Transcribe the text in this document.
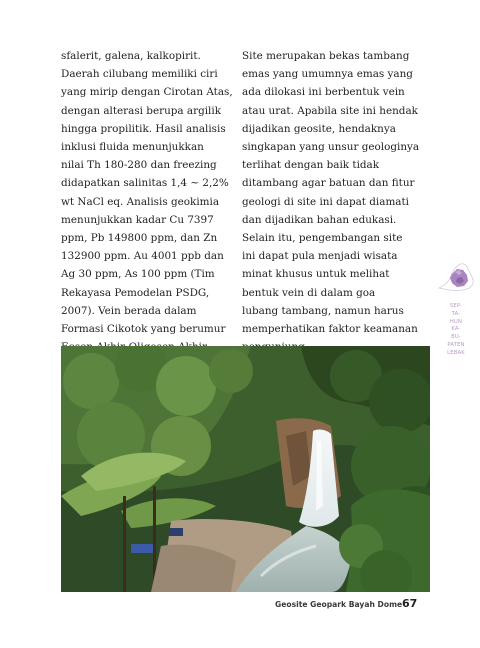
sfalerit, galena, kalkopirit.
Daerah cilubang memiliki ciri
yang mirip dengan Cirotan Atas,
dengan alterasi berupa argilik
hingga propilitik. Hasil analisis
inklusi fluida menunjukkan
nilai Th 180-280 dan freezing
didapatkan salinitas 1,4 ~ 2,2%
wt NaCl eq. Analisis geokimia
menunjukkan kadar Cu 7397
ppm, Pb 149800 ppm, dan Zn
132900 ppm. Au 4001 ppb dan
Ag 30 ppm, As 100 ppm (Tim
Rekayasa Pemodelan PSDG,
2007). Vein berada dalam
Formasi Cikotok yang berumur
Site merupakan bekas tambang
emas yang umumnya emas yang
ada dilokasi ini berbentuk vein
atau urat. Apabila site ini hendak
dijadikan geosite, hendaknya
singkapan yang unsur geologinya
terlihat dengan baik tidak
ditambang agar batuan dan fitur
geologi di site ini dapat diamati
dan dijadikan bahan edukasi.
Selain itu, pengembangan site
ini dapat pula menjadi wisata
minat khusus untuk melihat
bentuk vein di dalam goa
lubang tambang, namun harus
memperhatikan faktor keamanan
SEP-
TA-
HUN
KA-
BU-
PATEN
LEBAK
Geosite Geopark Bayah Dome 67
